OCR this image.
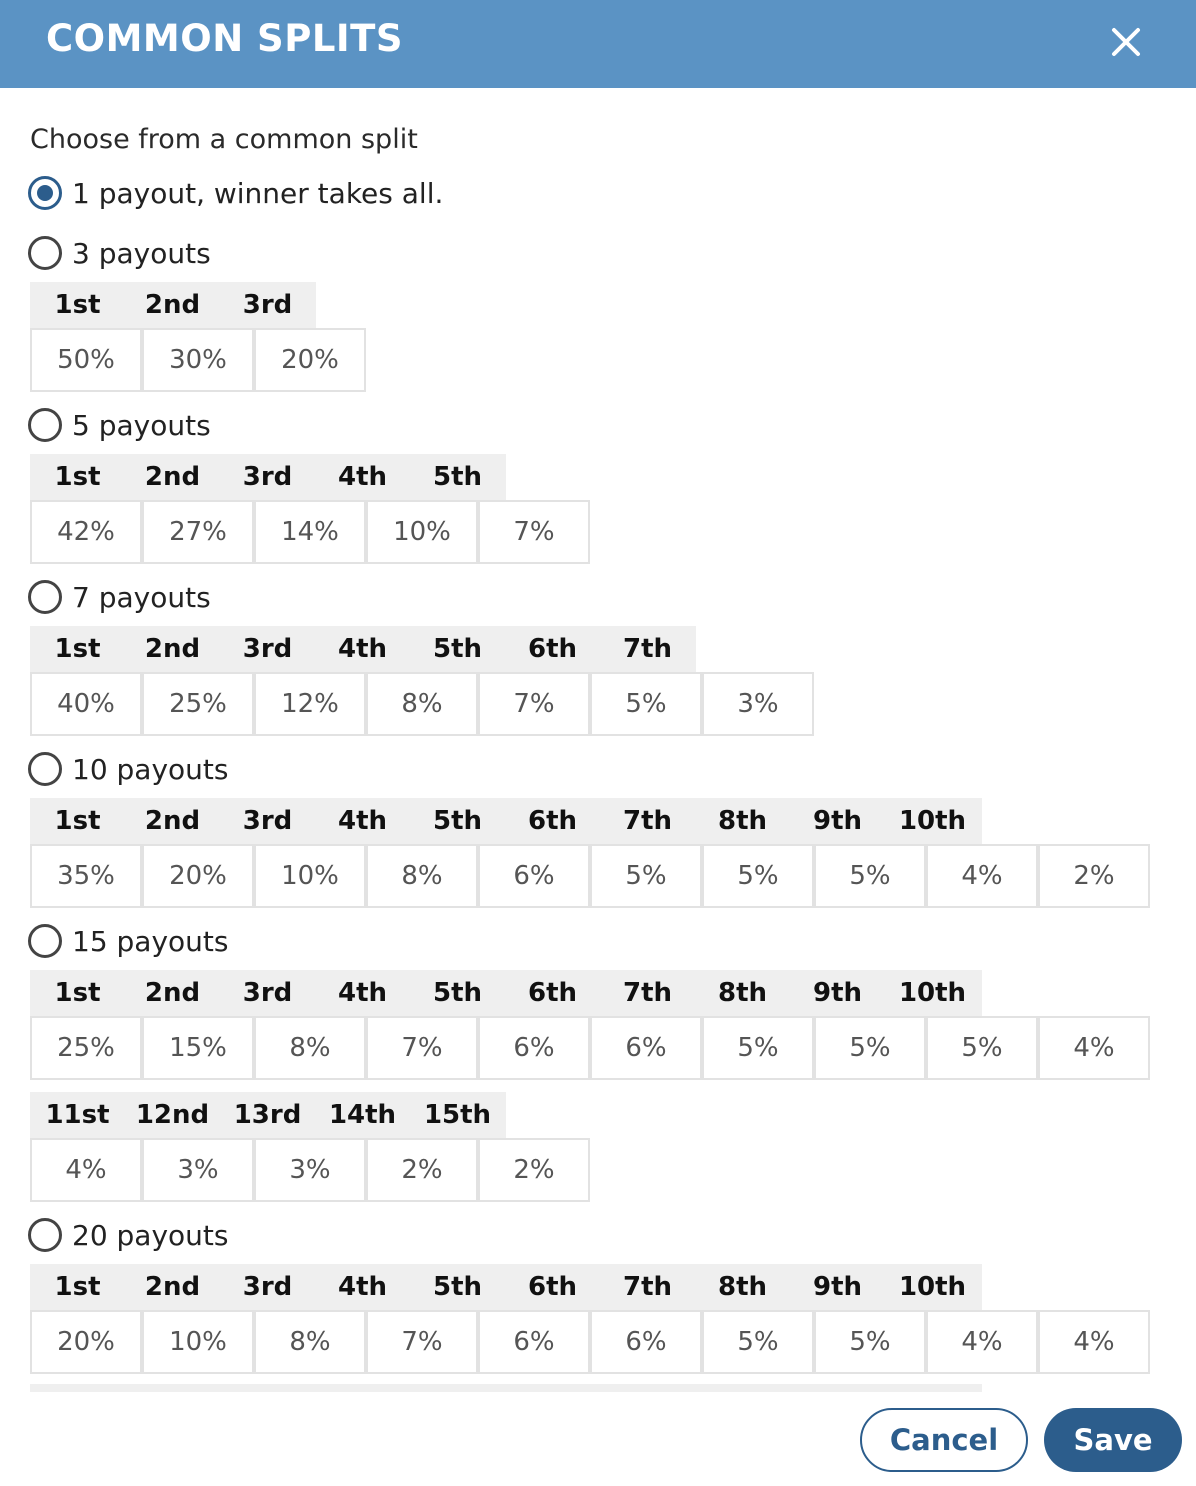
COMMON SPLITS
Choose from a common split
1 payout, winner takes all.
3 payouts
1st	2nd	3rd
50%	30%	20%
5 payouts
1st	2nd	3rd	4th	5th
42%	27%	14%	10%	7%
7 payouts
1st	2nd	3rd	4th	5th	6th	7th
40%	25%	12%	8%	7%	5%	3%
10 payouts
1st	2nd	3rd	4th	5th	6th	7th	8th	9th	10th
35%	20%	10%	8%	6%	5%	5%	5%	4%	2%
15 payouts
1st	2nd	3rd	4th	5th	6th	7th	8th	9th	10th
25%	15%	8%	7%	6%	6%	5%	5%	5%	4%
11st	12nd 13rd	14th	15th
4%	3%	3%	2%	2%
20 payouts
1st	2nd	3rd	4th	5th	6th	7th	8th	9th	10th
20%	10%	8%	7%	6%	6%	5%	5%	4%	4%
Cancel	Save
